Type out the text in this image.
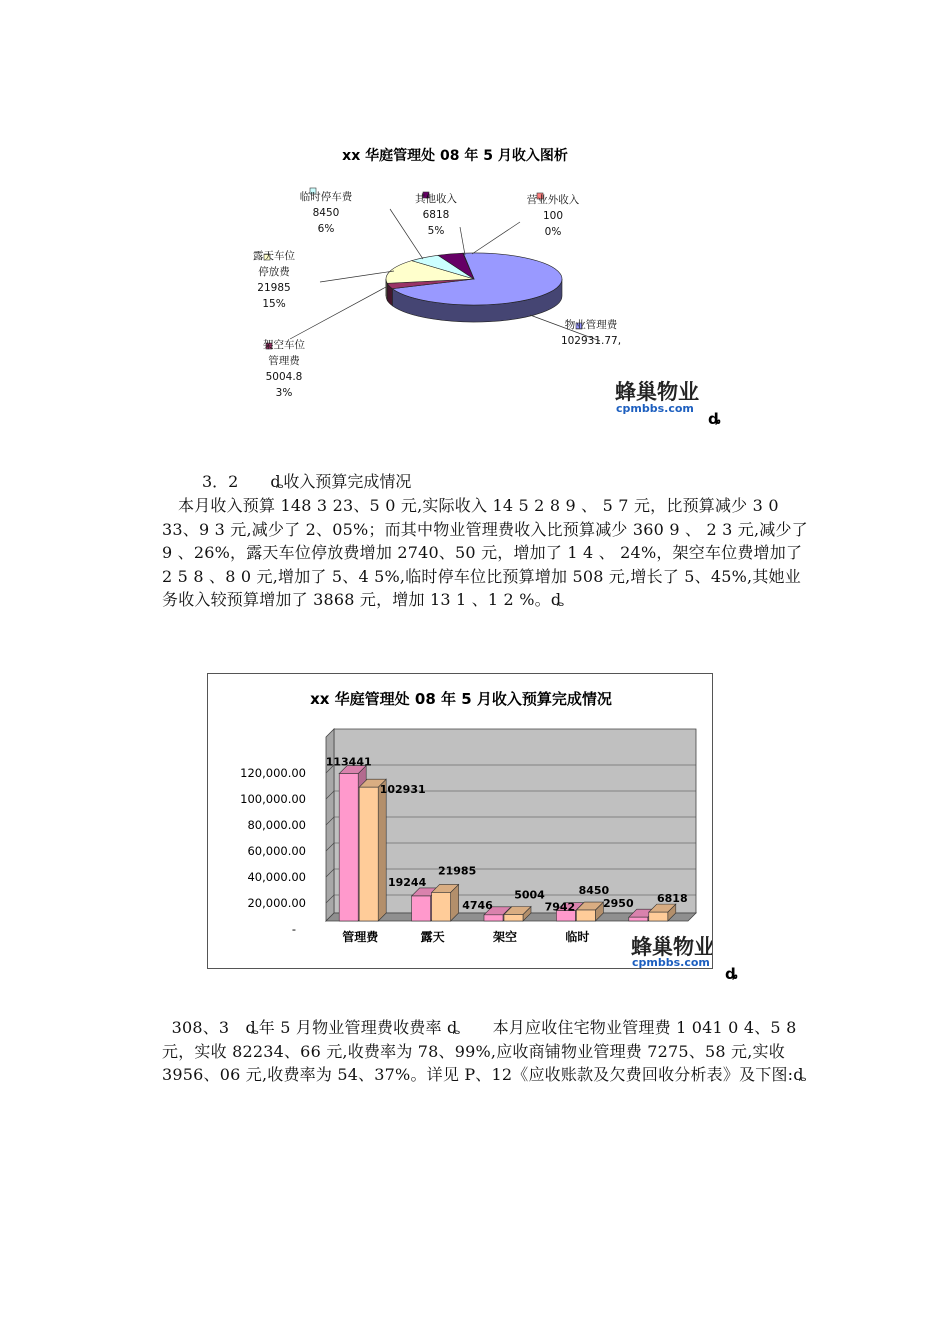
xx 华庭管理处 08 年 5 月收入图析
物业管理费
102931.77,
架空车位
管理费
5004.8
3%
露天车位
停放费
21985
15%
临时停车费
8450
6%
其他收入
6818
5%
营业外收入
100
0%
蜂巢物业
cpmbbs.com
ȡ

3．2　　ȡ收入预算完成情况

本月收入预算 148 3 23、5 0 元,实际收入 14 5 2 8 9 、 5 7 元，比预算减少 3 0 33、9 3 元,减少了 2、05%；而其中物业管理费收入比预算减少 360 9 、 2 3 元,减少了 9 、26%，露天车位停放费增加 2740、50 元，增加了 1 4 、 24%，架空车位费增加了 2 5 8 、8 0 元,增加了 5、4 5%,临时停车位比预算增加 508 元,增长了 5、45%,其她业务收入较预算增加了 3868 元，增加 13 1 、1 2 %。ȡ

xx 华庭管理处 08 年 5 月收入预算完成情况
120,000.00
100,000.00
80,000.00
60,000.00
40,000.00
20,000.00
-
113441
102931
19244
21985
4746
5004
7942
8450
2950 6818
管理费	露天	架空	临时 蜂巢物业
cpmbbs.com
ȡ

308、3　ȡ年 5 月物业管理费收费率 ȡ　　本月应收住宅物业管理费 1 041 0 4、5 8 元，实收 82234、66 元,收费率为 78、99%,应收商铺物业管理费 7275、58 元,实收 3956、06 元,收费率为 54、37%。详见 P、12《应收账款及欠费回收分析表》及下图:ȡ
